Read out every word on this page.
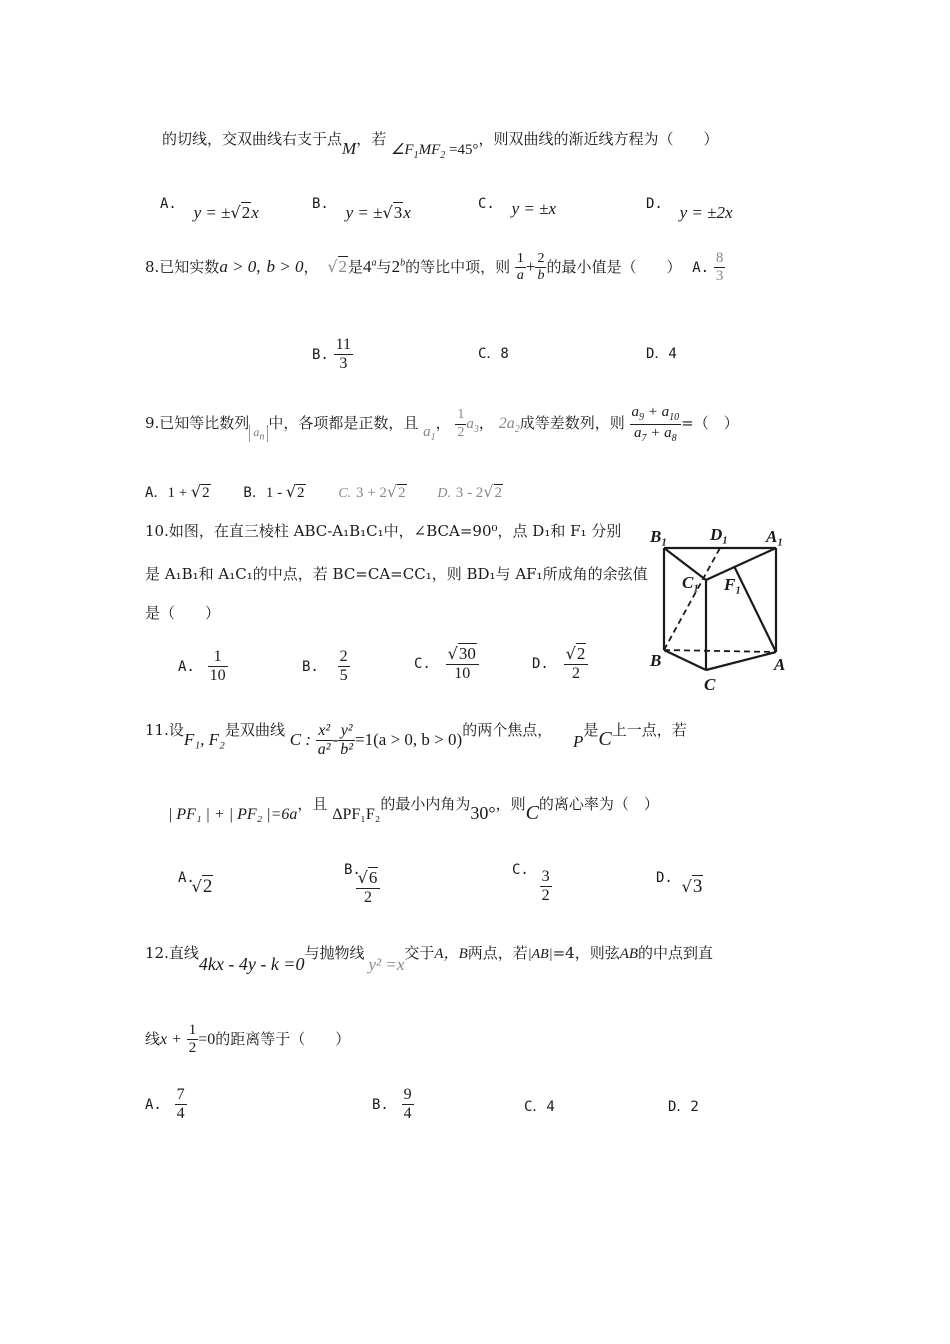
的切线，交双曲线右支于点M，若 $\angle F_1MF_2 =45^\circ$，则双曲线的渐近线方程为（　　）
A. y = ±√2x	B. y = ±√3x	C. y = ±x	D. y = ±2x
8.已知实数a > 0, b > 0， √2是4$^a$与2$^b$的等比中项，则 $\frac{1}{a} + \frac{2}{b}$ 的最小值是（　　） A. $\frac{8}{3}$
B. $\frac{11}{3}$	C．8	D．4
9.已知等比数列 $a_n$中，各项都是正数，且 $a_1$， $\frac{1}{2} a_3$， $2a_2$成等差数列，则 $\frac{a_9 + a_{10}}{a_7 + a_8}$ =（　）
A．1 + √2 B．1 - √2 C. 3 + 2√2 D. 3 - 2√2
10.如图，在直三棱柱 ABC-A₁B₁C₁中，∠BCA=90⁰，点 D₁和 F₁ 分别
是 A₁B₁和 A₁C₁的中点，若 BC=CA=CC₁，则 BD₁与 AF₁所成角的余弦值
是（　　）
A. $\frac{1}{10}$	B. $\frac{2}{5}$	C. $\frac{√30}{10}$	D. $\frac{√2}{2}$
B₁	D₁ A₁
C₁ F₁
B	A
C
11.设F₁, F₂是双曲线 C : $\frac{\text{x²}}{\text{a²}} - \frac{\text{y²}}{\text{b²}} =1(a > 0$, b > 0)的两个焦点， P是C上一点，若
| PF₁ | + | PF₂ |=6a，且 ΔPF₁F₂的最小内角为30°，则C的离心率为（　）
A. √2
B.
$\frac{√6}{2}$	C. $\frac{3}{2}$	D. √3
12.直线4kx - 4y - k =0与抛物线y² =x交于A，B两点，若|AB|=4，则弦AB的中点到直
线$x + \frac{1}{2} =0$的距离等于（　　）
A. $\frac{7}{4}$	B. $\frac{9}{4}$	C．4	D．2
